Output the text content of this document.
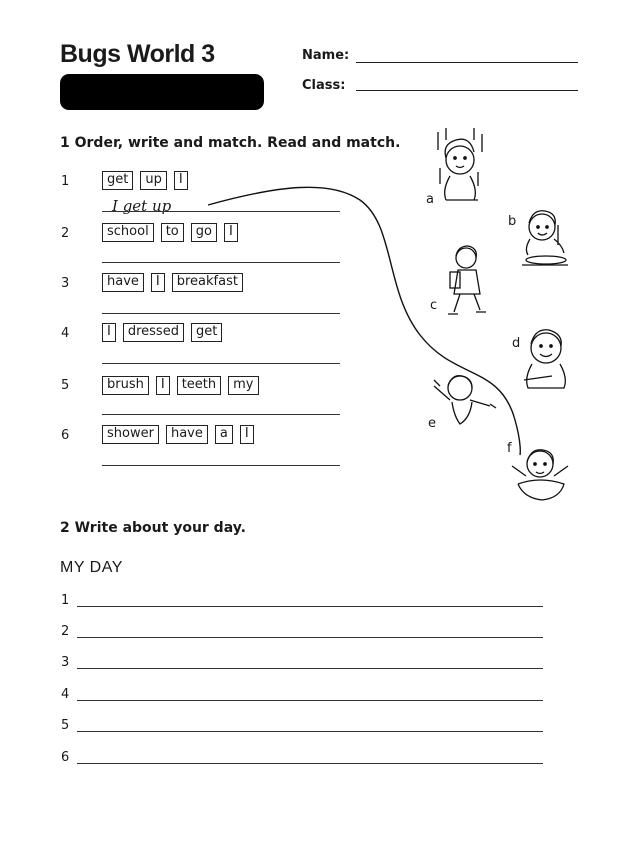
Bugs World 3	Name:
Class:
1 Order, write and match. Read and match.
1	get	up	I
I get up
2	school	to	go	I
3	have	I	breakfast
4	I	dressed	get
5	brush	I	teeth	my
6	shower	have	a	I
a
b
c
d
e
f
2 Write about your day.
MY DAY
1
2
3
4
5
6
